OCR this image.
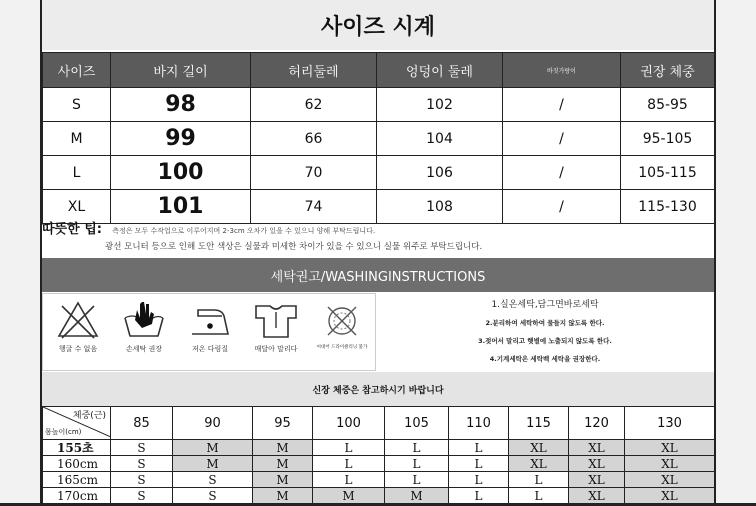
사이즈 시계
사이즈	바지 길이	허리둘레	엉덩이 둘레	바짓가랑이	권장 체중
S	98	62	102	/	85-95
M	99	66	104	/	95-105
L	100	70	106	/	105-115
XL	101	74	108	/	115-130
따뜻한 팁: 측정은 모두 수작업으로 이루어지며 2-3cm 오차가 있을 수 있으니 양해 부탁드립니다.
광선 모니터 등으로 인해 도안 색상은 실물과 미세한 차이가 있을 수 있으니 실물 위주로 부탁드립니다.
세탁권고/WASHINGINSTRUCTIONS
헹굴 수 없음	손세탁 권장	저온 다림질	매달아 말리다	씨대어 드라이클리닝 불가
1.실온세탁,담그면바로세탁
2.분리하여 세탁하여 물들지 않도록 한다.
3.젖어서 말리고 햇볕에 노출되지 않도록 한다.
4.기계세탁은 세탁백 세탁을 권장한다.
신장 체중은 참고하시기 바랍니다
체중(근)
몸높이(cm)	85	90	95	100	105	110	115	120	130
155초	S	M	M	L	L	L	XL	XL	XL
160cm	S	M	M	L	L	L	XL	XL	XL
165cm	S	S	M	L	L	L	L	XL	XL
170cm	S	S	M	M	M	L	L	XL	XL
